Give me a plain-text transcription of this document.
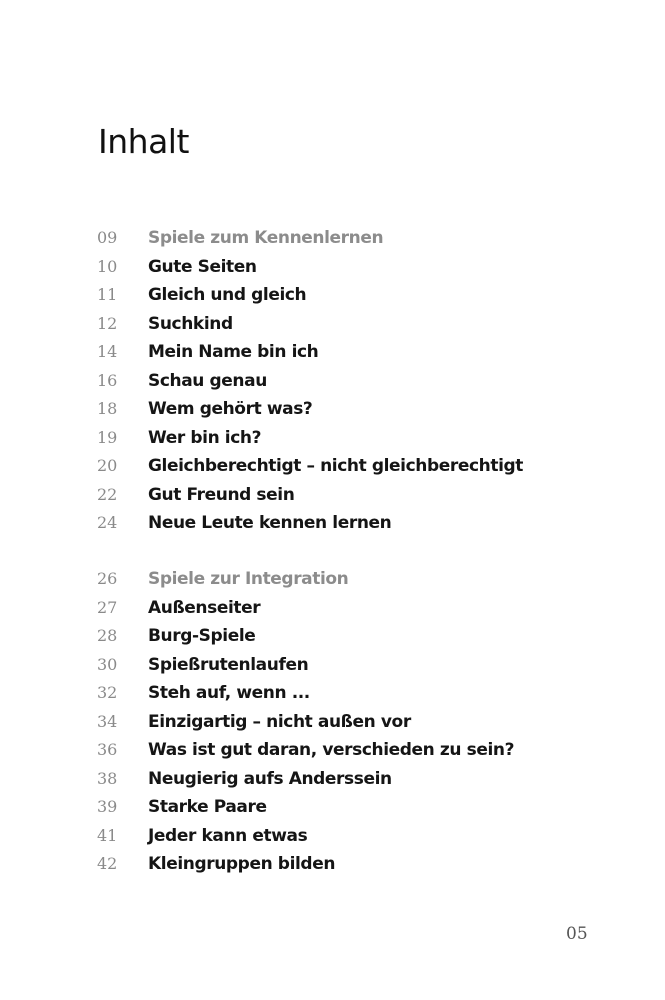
Inhalt
09 Spiele zum Kennenlernen
10 Gute Seiten
11 Gleich und gleich
12 Suchkind
14 Mein Name bin ich
16 Schau genau
18 Wem gehört was?
19 Wer bin ich?
20 Gleichberechtigt – nicht gleichberechtigt
22 Gut Freund sein
24 Neue Leute kennen lernen
26 Spiele zur Integration
27 Außenseiter
28 Burg-Spiele
30 Spießrutenlaufen
32 Steh auf, wenn ...
34 Einzigartig – nicht außen vor
36 Was ist gut daran, verschieden zu sein?
38 Neugierig aufs Anderssein
39 Starke Paare
41 Jeder kann etwas
42 Kleingruppen bilden
05
